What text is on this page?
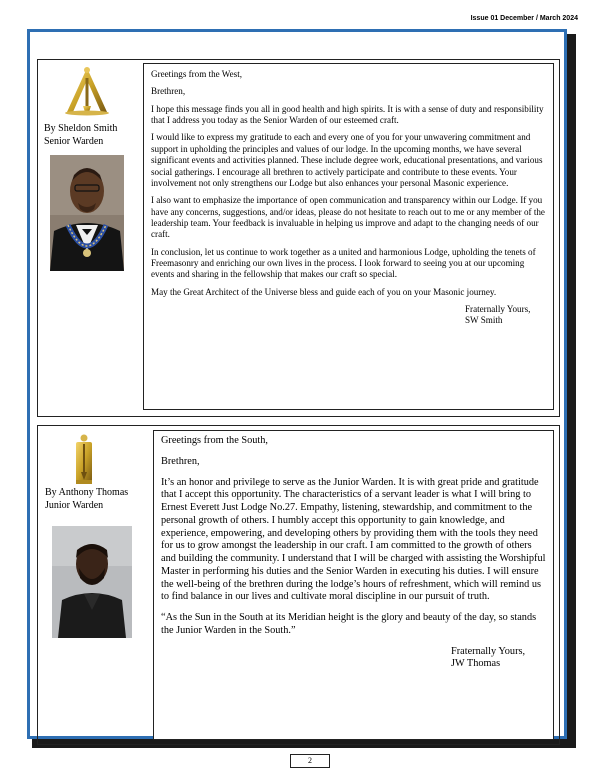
Issue 01 December / March 2024
By Sheldon Smith
Senior Warden

Greetings from the West,

Brethren,

I hope this message finds you all in good health and high spirits. It is with a sense of duty and responsibility that I address you today as the Senior Warden of our esteemed craft.

I would like to express my gratitude to each and every one of you for your unwavering commitment and support in upholding the principles and values of our lodge. In the upcoming months, we have several significant events and activities planned. These include degree work, educational presentations, and various social gatherings. I encourage all brethren to actively participate and contribute to these events. Your involvement not only strengthens our Lodge but also enhances your personal Masonic experience.

I also want to emphasize the importance of open communication and transparency within our Lodge. If you have any concerns, suggestions, and/or ideas, please do not hesitate to reach out to me or any member of the leadership team. Your feedback is invaluable in helping us improve and adapt to the changing needs of our craft.

In conclusion, let us continue to work together as a united and harmonious Lodge, upholding the tenets of Freemasonry and enriching our own lives in the process. I look forward to seeing you at our upcoming events and sharing in the fellowship that makes our craft so special.

May the Great Architect of the Universe bless and guide each of you on your Masonic journey.

Fraternally Yours,
SW Smith
By Anthony Thomas
Junior Warden

Greetings from the South,

Brethren,

It’s an honor and privilege to serve as the Junior Warden. It is with great pride and gratitude that I accept this opportunity. The characteristics of a servant leader is what I will bring to Ernest Everett Just Lodge No.27. Empathy, listening, stewardship, and commitment to the personal growth of others. I humbly accept this opportunity to gain knowledge, and experience, empowering, and developing others by providing them with the tools they need for us to grow amongst the leadership in our craft. I am committed to the growth of others and building the community. I understand that I will be charged with assisting the Worshipful Master in performing his duties and the Senior Warden in executing his duties. I will ensure the well-being of the brethren during the lodge’s hours of refreshment, which will remind us to find balance in our lives and cultivate moral discipline in our pursuit of truth.

“As the Sun in the South at its Meridian height is the glory and beauty of the day, so stands the Junior Warden in the South.”

Fraternally Yours,
JW Thomas
2
